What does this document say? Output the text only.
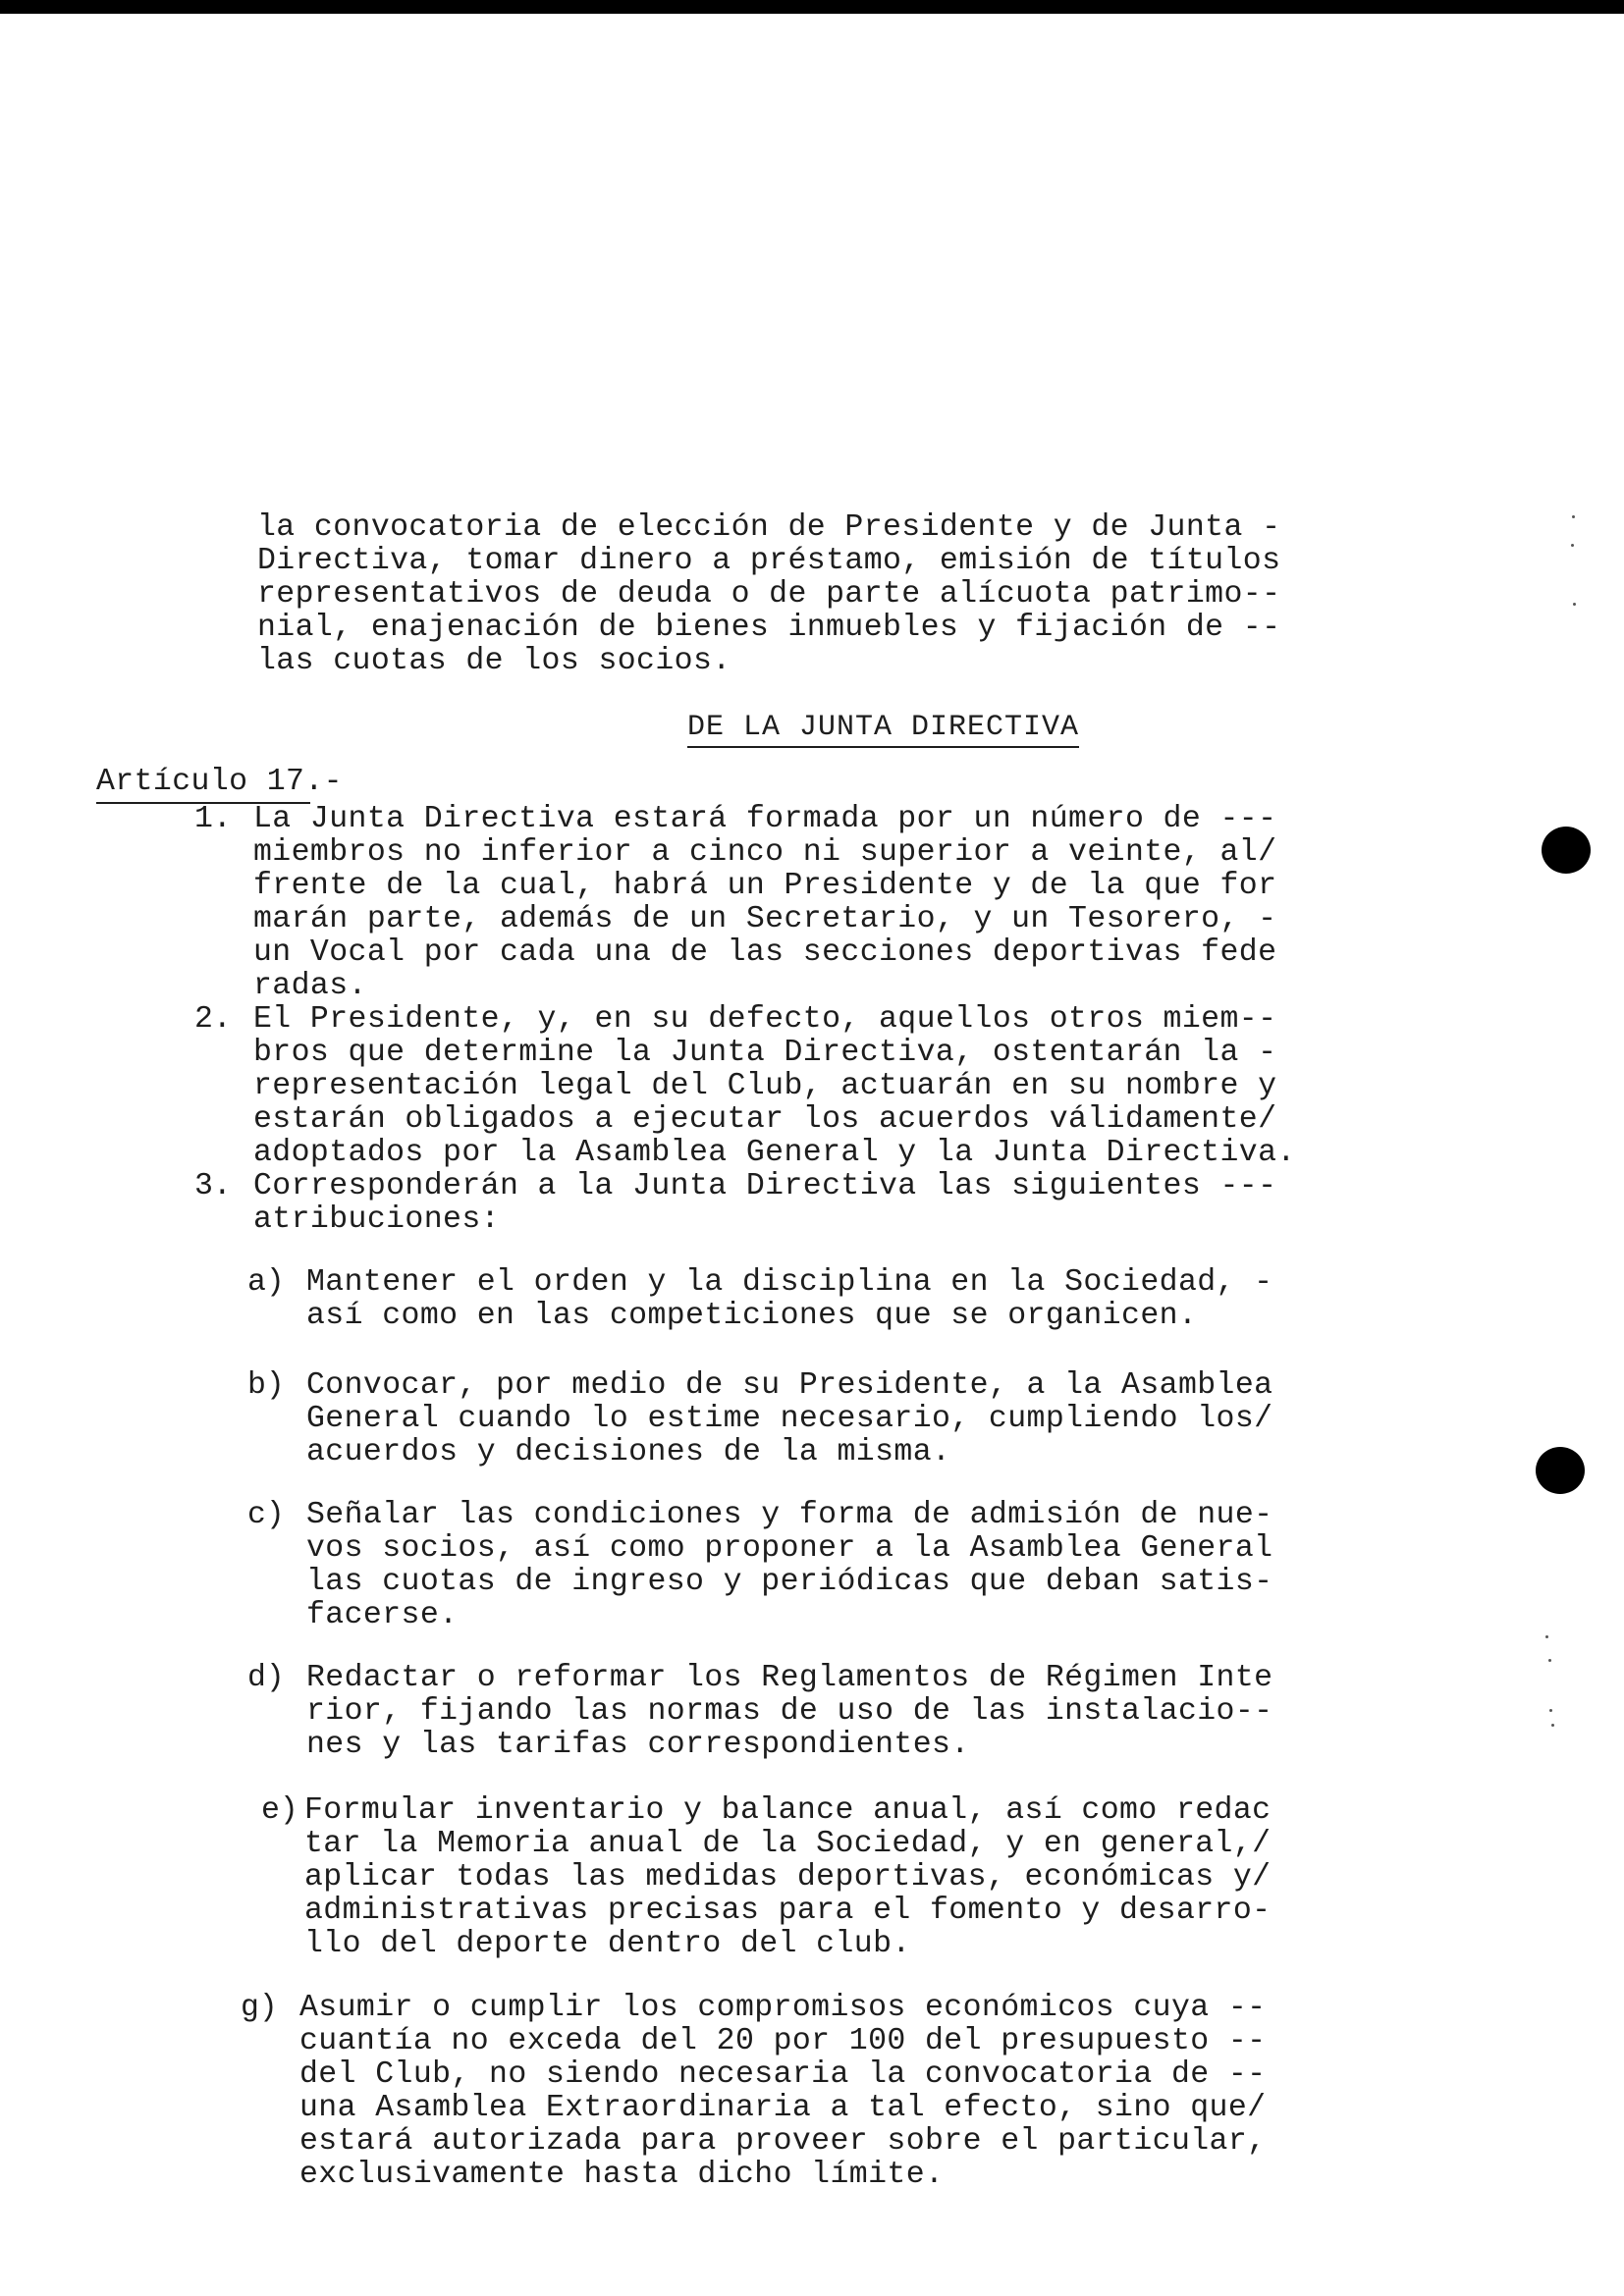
la convocatoria de elección de Presidente y de Junta -
Directiva, tomar dinero a préstamo, emisión de títulos
representativos de deuda o de parte alícuota patrimo--
nial, enajenación de bienes inmuebles y fijación de --
las cuotas de los socios.
DE LA JUNTA DIRECTIVA
Artículo 17.-
1. La Junta Directiva estará formada por un número de ---
miembros no inferior a cinco ni superior a veinte, al/
frente de la cual, habrá un Presidente y de la que for
marán parte, además de un Secretario, y un Tesorero, -
un Vocal por cada una de las secciones deportivas fede
radas.
2. El Presidente, y, en su defecto, aquellos otros miem--
bros que determine la Junta Directiva, ostentarán la -
representación legal del Club, actuarán en su nombre y
estarán obligados a ejecutar los acuerdos válidamente/
adoptados por la Asamblea General y la Junta Directiva.
3. Corresponderán a la Junta Directiva las siguientes ---
atribuciones:
a) Mantener el orden y la disciplina en la Sociedad, -
así como en las competiciones que se organicen.
b) Convocar, por medio de su Presidente, a la Asamblea
General cuando lo estime necesario, cumpliendo los/
acuerdos y decisiones de la misma.
c) Señalar las condiciones y forma de admisión de nue-
vos socios, así como proponer a la Asamblea General
las cuotas de ingreso y periódicas que deban satis-
facerse.
d) Redactar o reformar los Reglamentos de Régimen Inte
rior, fijando las normas de uso de las instalacio--
nes y las tarifas correspondientes.
e) Formular inventario y balance anual, así como redac
tar la Memoria anual de la Sociedad, y en general,/
aplicar todas las medidas deportivas, económicas y/
administrativas precisas para el fomento y desarro-
llo del deporte dentro del club.
g) Asumir o cumplir los compromisos económicos cuya --
cuantía no exceda del 20 por 100 del presupuesto --
del Club, no siendo necesaria la convocatoria de --
una Asamblea Extraordinaria a tal efecto, sino que/
estará autorizada para proveer sobre el particular,
exclusivamente hasta dicho límite.
